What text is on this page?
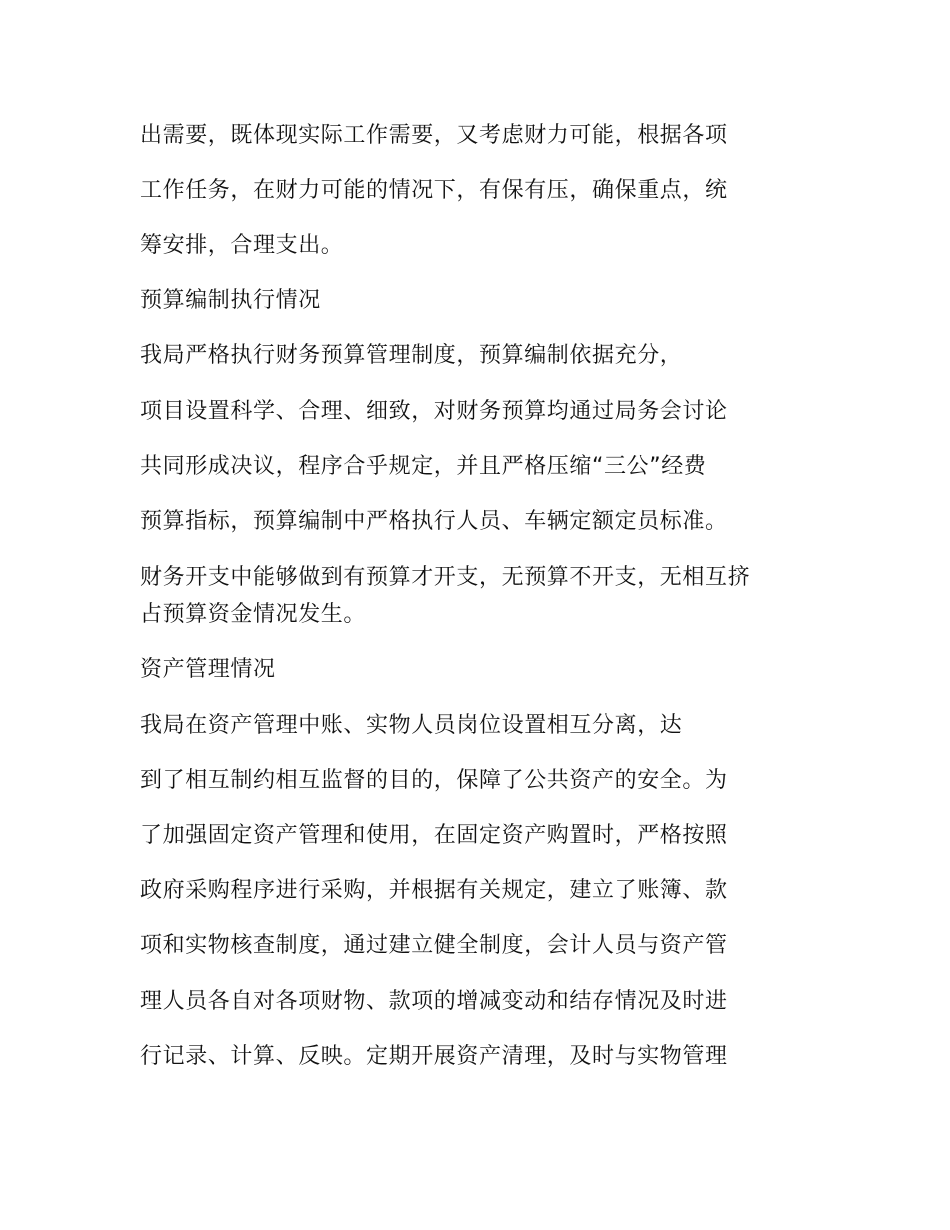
出需要，既体现实际工作需要，又考虑财力可能，根据各项
工作任务，在财力可能的情况下，有保有压，确保重点，统
筹安排，合理支出。
预算编制执行情况
我局严格执行财务预算管理制度，预算编制依据充分，
项目设置科学、合理、细致，对财务预算均通过局务会讨论
共同形成决议，程序合乎规定，并且严格压缩“三公”经费
预算指标，预算编制中严格执行人员、车辆定额定员标准。
财务开支中能够做到有预算才开支，无预算不开支，无相互挤
占预算资金情况发生。
资产管理情况
我局在资产管理中账、实物人员岗位设置相互分离，达
到了相互制约相互监督的目的，保障了公共资产的安全。为
了加强固定资产管理和使用，在固定资产购置时，严格按照
政府采购程序进行采购，并根据有关规定，建立了账簿、款
项和实物核查制度，通过建立健全制度，会计人员与资产管
理人员各自对各项财物、款项的增减变动和结存情况及时进
行记录、计算、反映。定期开展资产清理，及时与实物管理
